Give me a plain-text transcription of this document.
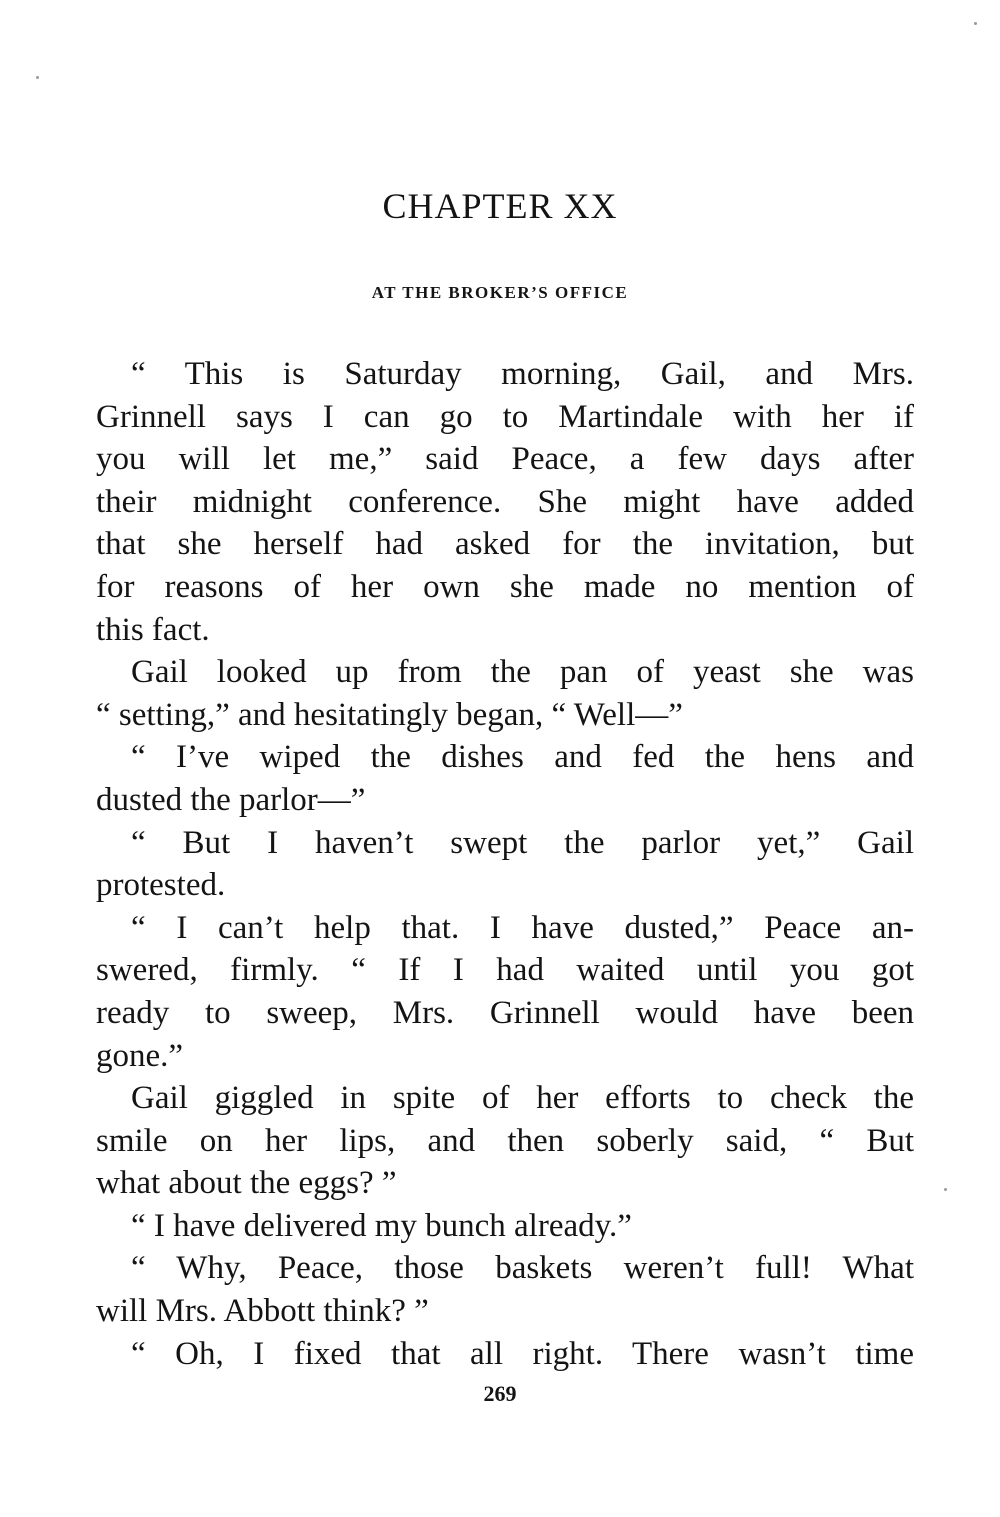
CHAPTER XX
AT THE BROKER’S OFFICE
“ This is Saturday morning, Gail, and Mrs.
Grinnell says I can go to Martindale with her if
you will let me,” said Peace, a few days after
their midnight conference. She might have added
that she herself had asked for the invitation, but
for reasons of her own she made no mention of
this fact.
Gail looked up from the pan of yeast she was
“ setting,” and hesitatingly began, “ Well—”
“ I’ve wiped the dishes and fed the hens and
dusted the parlor—”
“ But I haven’t swept the parlor yet,” Gail
protested.
“ I can’t help that. I have dusted,” Peace an-
swered, firmly. “ If I had waited until you got
ready to sweep, Mrs. Grinnell would have been
gone.”
Gail giggled in spite of her efforts to check the
smile on her lips, and then soberly said, “ But
what about the eggs? ”
“ I have delivered my bunch already.”
“ Why, Peace, those baskets weren’t full! What
will Mrs. Abbott think? ”
“ Oh, I fixed that all right. There wasn’t time
269
